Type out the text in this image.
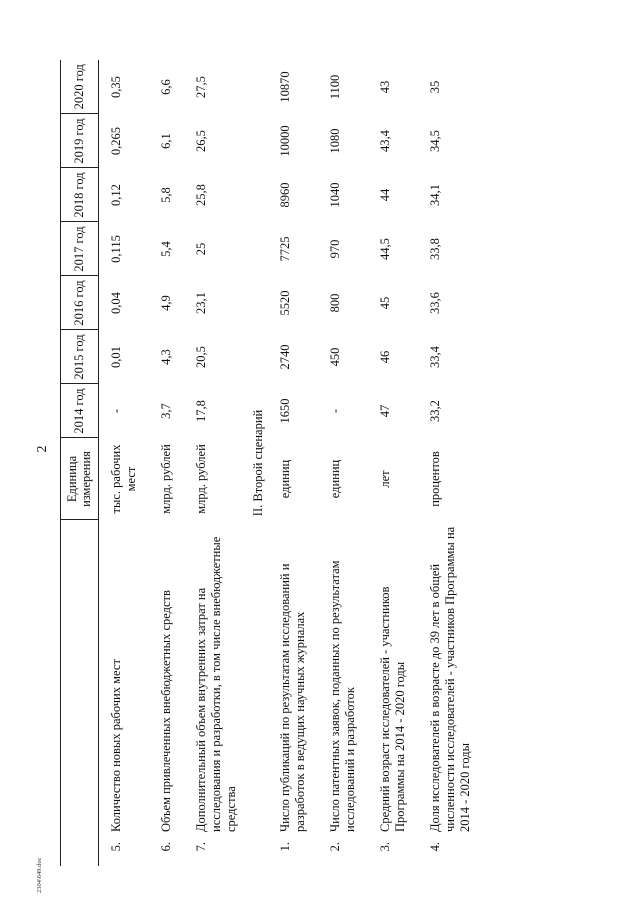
2
		Единица измерения	2014 год	2015 год	2016 год	2017 год	2018 год	2019 год	2020 год
5.	Количество новых рабочих мест	тыс. рабочих мест	-	0,01	0,04	0,115	0,12	0,265	0,35
6.	Объем привлеченных внебюджетных средств	млрд. рублей	3,7	4,3	4,9	5,4	5,8	6,1	6,6
7.	Дополнительный объем внутренних затрат на исследования и разработки, в том числе внебюджетные средства	млрд. рублей	17,8	20,5	23,1	25	25,8	26,5	27,5
II. Второй сценарий									
1.	Число публикаций по результатам исследований и разработок в ведущих научных журналах	единиц	1650	2740	5520	7725	8960	10000	10870
2.	Число патентных заявок, поданных по результатам исследований и разработок	единиц	-	450	800	970	1040	1080	1100
3.	Средний возраст исследователей - участников Программы на 2014 - 2020 годы	лет	47	46	45	44,5	44	43,4	43
4.	Доля исследователей в возрасте до 39 лет в общей численности исследователей - участников Программы на 2014 - 2020 годы	процентов	33,2	33,4	33,6	33,8	34,1	34,5	35
2304\649.doc
